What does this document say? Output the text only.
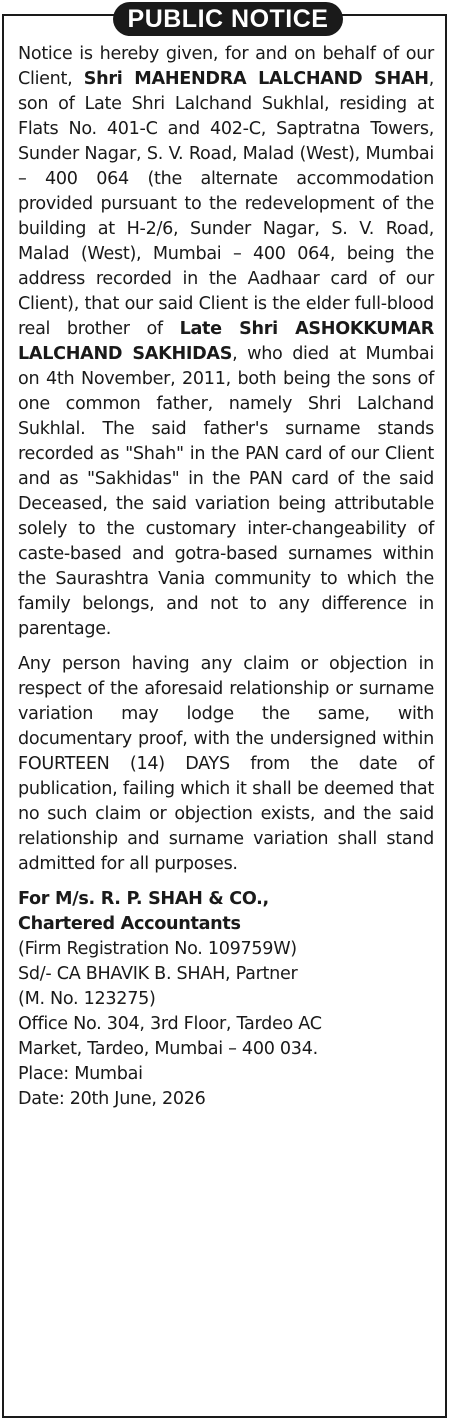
PUBLIC NOTICE

Notice is hereby given, for and on behalf of our Client, Shri MAHENDRA LALCHAND SHAH, son of Late Shri Lalchand Sukhlal, residing at Flats No. 401-C and 402-C, Saptratna Towers, Sunder Nagar, S. V. Road, Malad (West), Mumbai – 400 064 (the alternate accommodation provided pursuant to the redevelopment of the building at H-2/6, Sunder Nagar, S. V. Road, Malad (West), Mumbai – 400 064, being the address recorded in the Aadhaar card of our Client), that our said Client is the elder full-blood real brother of Late Shri ASHOKKUMAR LALCHAND SAKHIDAS, who died at Mumbai on 4th November, 2011, both being the sons of one common father, namely Shri Lalchand Sukhlal. The said father's surname stands recorded as "Shah" in the PAN card of our Client and as "Sakhidas" in the PAN card of the said Deceased, the said variation being attributable solely to the customary inter-changeability of caste-based and gotra-based surnames within the Saurashtra Vania community to which the family belongs, and not to any difference in parentage.

Any person having any claim or objection in respect of the aforesaid relationship or surname variation may lodge the same, with documentary proof, with the undersigned within FOURTEEN (14) DAYS from the date of publication, failing which it shall be deemed that no such claim or objection exists, and the said relationship and surname variation shall stand admitted for all purposes.

For M/s. R. P. SHAH & CO.,
Chartered Accountants
(Firm Registration No. 109759W)
Sd/- CA BHAVIK B. SHAH, Partner
(M. No. 123275)
Office No. 304, 3rd Floor, Tardeo AC
Market, Tardeo, Mumbai – 400 034.
Place: Mumbai
Date: 20th June, 2026
